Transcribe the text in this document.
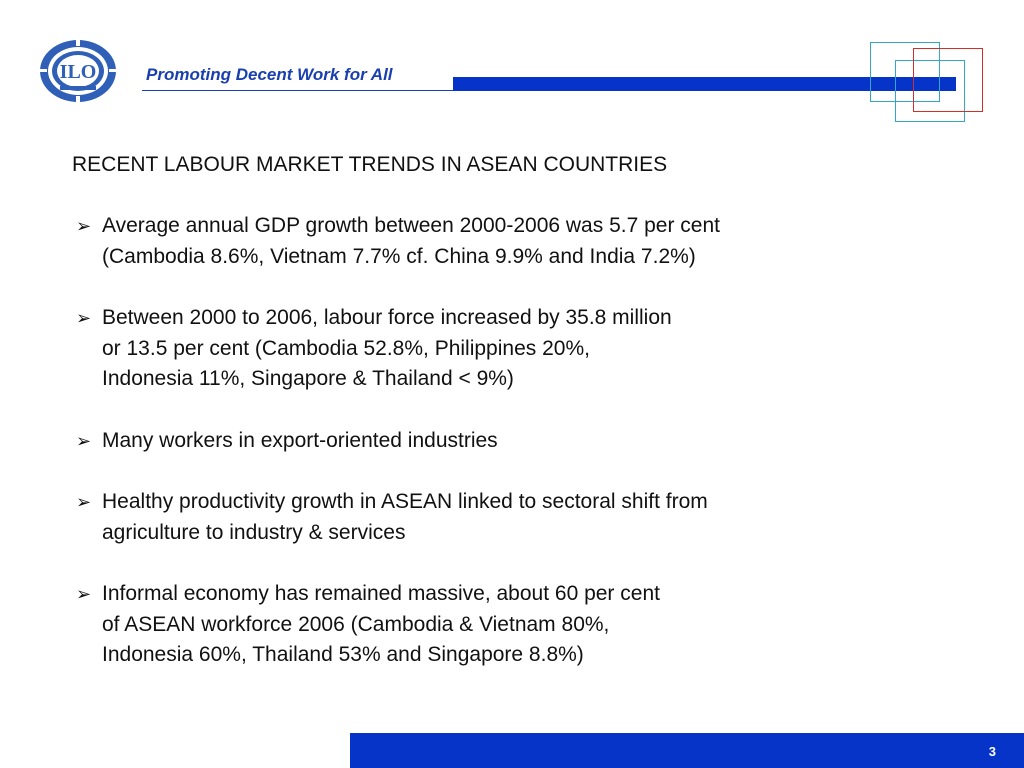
ILO	Promoting Decent Work for All
RECENT LABOUR MARKET TRENDS IN ASEAN COUNTRIES
➢ Average annual GDP growth between 2000-2006 was 5.7 per cent
(Cambodia 8.6%, Vietnam 7.7% cf. China 9.9% and India 7.2%)
➢ Between 2000 to 2006, labour force increased by 35.8 million
or 13.5 per cent (Cambodia 52.8%, Philippines 20%,
Indonesia 11%, Singapore & Thailand < 9%)
➢ Many workers in export-oriented industries
➢ Healthy productivity growth in ASEAN linked to sectoral shift from
agriculture to industry & services
➢ Informal economy has remained massive, about 60 per cent
of ASEAN workforce 2006 (Cambodia & Vietnam 80%,
Indonesia 60%, Thailand 53% and Singapore 8.8%)
3
